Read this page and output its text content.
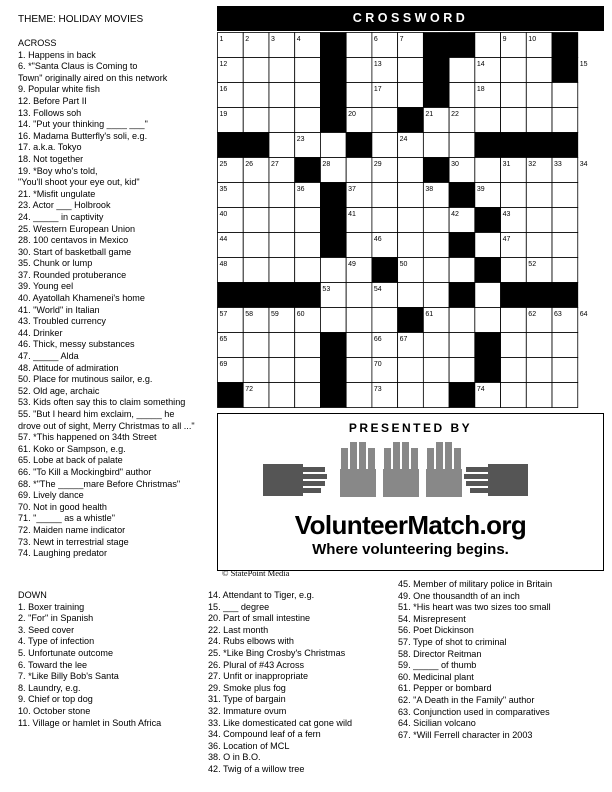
THEME: HOLIDAY MOVIES
ACROSS
1. Happens in back
6. *"Santa Claus is Coming to
Town" originally aired on this network
9. Popular white fish
12. Before Part II
13. Follows soh
14. "Put your thinking ____ ___"
16. Madama Butterfly's soli, e.g.
17. a.k.a. Tokyo
18. Not together
19. *Boy who's told,
"You'll shoot your eye out, kid"
21. *Misfit ungulate
23. Actor ___ Holbrook
24. _____ in captivity
25. Western European Union
28. 100 centavos in Mexico
30. Start of basketball game
35. Chunk or lump
37. Rounded protuberance
39. Young eel
40. Ayatollah Khamenei's home
41. "World" in Italian
43. Troubled currency
44. Drinker
46. Thick, messy substances
47. _____ Alda
48. Attitude of admiration
50. Place for mutinous sailor, e.g.
52. Old age, archaic
53. Kids often say this to claim something
55. "But I heard him exclaim, _____ he
drove out of sight, Merry Christmas to all ..."
57. *This happened on 34th Street
61. Koko or Sampson, e.g.
65. Lobe at back of palate
66. "To Kill a Mockingbird" author
68. *"The _____mare Before Christmas"
69. Lively dance
70. Not in good health
71. "_____ as a whistle"
72. Maiden name indicator
73. Newt in terrestrial stage
74. Laughing predator
DOWN
1. Boxer training
2. "For" in Spanish
3. Seed cover
4. Type of infection
5. Unfortunate outcome
6. Toward the lee
7. *Like Billy Bob's Santa
8. Laundry, e.g.
9. Chief or top dog
10. October stone
11. Village or hamlet in South Africa
14. Attendant to Tiger, e.g.
15. ___ degree
20. Part of small intestine
22. Last month
24. Rubs elbows with
25. *Like Bing Crosby's Christmas
26. Plural of #43 Across
27. Unfit or inappropriate
29. Smoke plus fog
31. Type of bargain
32. Immature ovum
33. Like domesticated cat gone wild
34. Compound leaf of a fern
36. Location of MCL
38. O in B.O.
42. Twig of a willow tree
45. Member of military police in Britain
49. One thousandth of an inch
51. *His heart was two sizes too small
54. Misrepresent
56. Poet Dickinson
57. Type of shot to criminal
58. Director Reitman
59. _____ of thumb
60. Medicinal plant
61. Pepper or bombard
62. "A Death in the Family" author
63. Conjunction used in comparatives
64. Sicilian volcano
67. *Will Ferrell character in 2003
CROSSWORD
1	2	3	4	5	6	7	8	9	10	11
12	13	14	15
16	17	18
19	20	21	22
23	24
25	26	27	28	29	30	31	32	33	34
35	36	37	38	39
40	41	42	43
44	45	46	47
48	49	50	51	52
53	54	55	56
57	58	59	60	61	62	63	64
65	66	67	68
69	70	71
72	73	74
PRESENTED BY
VolunteerMatch.org
Where volunteering begins.
© StatePoint Media
